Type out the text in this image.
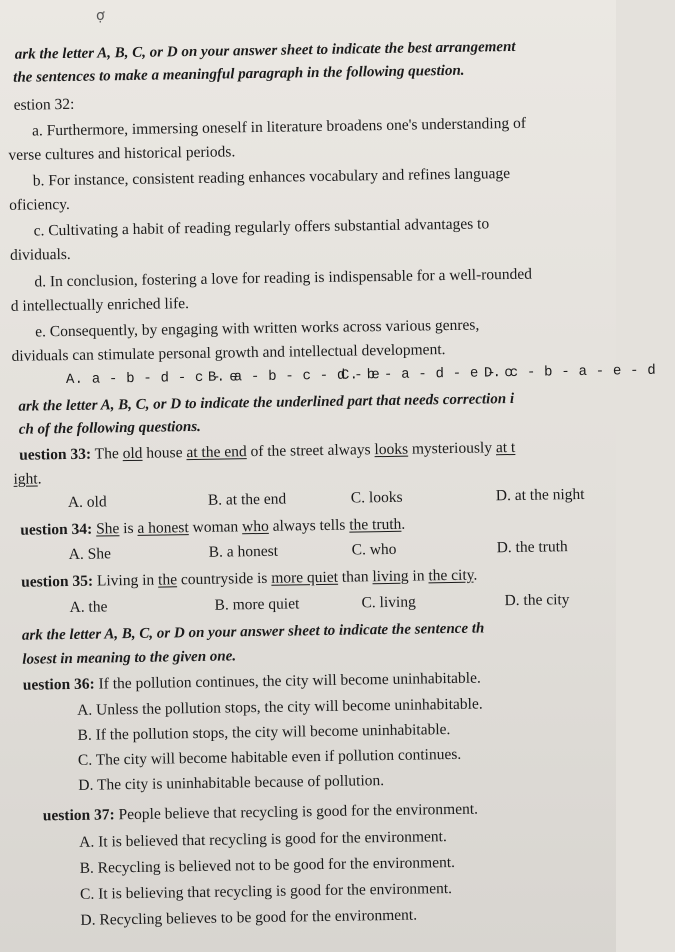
ợ
ark the letter A, B, C, or D on your answer sheet to indicate the best arrangement
the sentences to make a meaningful paragraph in the following question.
estion 32:
a. Furthermore, immersing oneself in literature broadens one's understanding of
verse cultures and historical periods.
b. For instance, consistent reading enhances vocabulary and refines language
oficiency.
c. Cultivating a habit of reading regularly offers substantial advantages to
dividuals.
d. In conclusion, fostering a love for reading is indispensable for a well-rounded
d intellectually enriched life.
e. Consequently, by engaging with written works across various genres,
dividuals can stimulate personal growth and intellectual development.
A. a - b - d - c - e
B. a - b - c - d - e
C. b - a - d - e - c
D. c - b - a - e - d
ark the letter A, B, C, or D to indicate the underlined part that needs correction i
ch of the following questions.
uestion 33: The old house at the end of the street always looks mysteriously at t
ight.
A. old	B. at the end	C. looks	D. at the night
uestion 34: She is a honest woman who always tells the truth.
A. She	B. a honest	C. who	D. the truth
uestion 35: Living in the countryside is more quiet than living in the city.
A. the	B. more quiet	C. living	D. the city
ark the letter A, B, C, or D on your answer sheet to indicate the sentence th
losest in meaning to the given one.
uestion 36: If the pollution continues, the city will become uninhabitable.
A. Unless the pollution stops, the city will become uninhabitable.
B. If the pollution stops, the city will become uninhabitable.
C. The city will become habitable even if pollution continues.
D. The city is uninhabitable because of pollution.
uestion 37: People believe that recycling is good for the environment.
A. It is believed that recycling is good for the environment.
B. Recycling is believed not to be good for the environment.
C. It is believing that recycling is good for the environment.
D. Recycling believes to be good for the environment.
